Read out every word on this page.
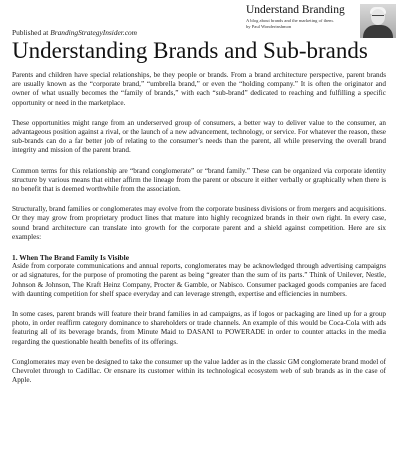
Understand Branding
A blog about brands and the marketing of them.
by Paul Wonderinshmon
Published at BrandingStrategyInsider.com
Understanding Brands and Sub-brands

Parents and children have special relationships, be they people or brands. From a brand architecture perspective, parent brands are usually known as the “corporate brand,” “umbrella brand,” or even the “holding company.” It is often the originator and owner of what usually becomes the “family of brands,” with each “sub-brand” dedicated to reaching and fulfilling a specific opportunity or need in the marketplace.

These opportunities might range from an underserved group of consumers, a better way to deliver value to the consumer, an advantageous position against a rival, or the launch of a new advancement, technology, or service. For whatever the reason, these sub-brands can do a far better job of relating to the consumer’s needs than the parent, all while preserving the overall brand integrity and mission of the parent brand.

Common terms for this relationship are “brand conglomerate” or “brand family.” These can be organized via corporate identity structure by various means that either affirm the lineage from the parent or obscure it either verbally or graphically when there is no benefit that is deemed worthwhile from the association.

Structurally, brand families or conglomerates may evolve from the corporate business divisions or from mergers and acquisitions. Or they may grow from proprietary product lines that mature into highly recognized brands in their own right. In every case, sound brand architecture can translate into growth for the corporate parent and a shield against competition. Here are six examples:

1. When The Brand Family Is Visible

Aside from corporate communications and annual reports, conglomerates may be acknowledged through advertising campaigns or ad signatures, for the purpose of promoting the parent as being “greater than the sum of its parts.” Think of Unilever, Nestle, Johnson & Johnson, The Kraft Heinz Company, Procter & Gamble, or Nabisco. Consumer packaged goods companies are faced with daunting competition for shelf space everyday and can leverage strength, expertise and efficiencies in numbers.

In some cases, parent brands will feature their brand families in ad campaigns, as if logos or packaging are lined up for a group photo, in order reaffirm category dominance to shareholders or trade channels. An example of this would be Coca-Cola with ads featuring all of its beverage brands, from Minute Maid to DASANI to POWERADE in order to counter attacks in the media regarding the questionable health benefits of its offerings.

Conglomerates may even be designed to take the consumer up the value ladder as in the classic GM conglomerate brand model of Chevrolet through to Cadillac. Or ensnare its customer within its technological ecosystem web of sub brands as in the case of Apple.
